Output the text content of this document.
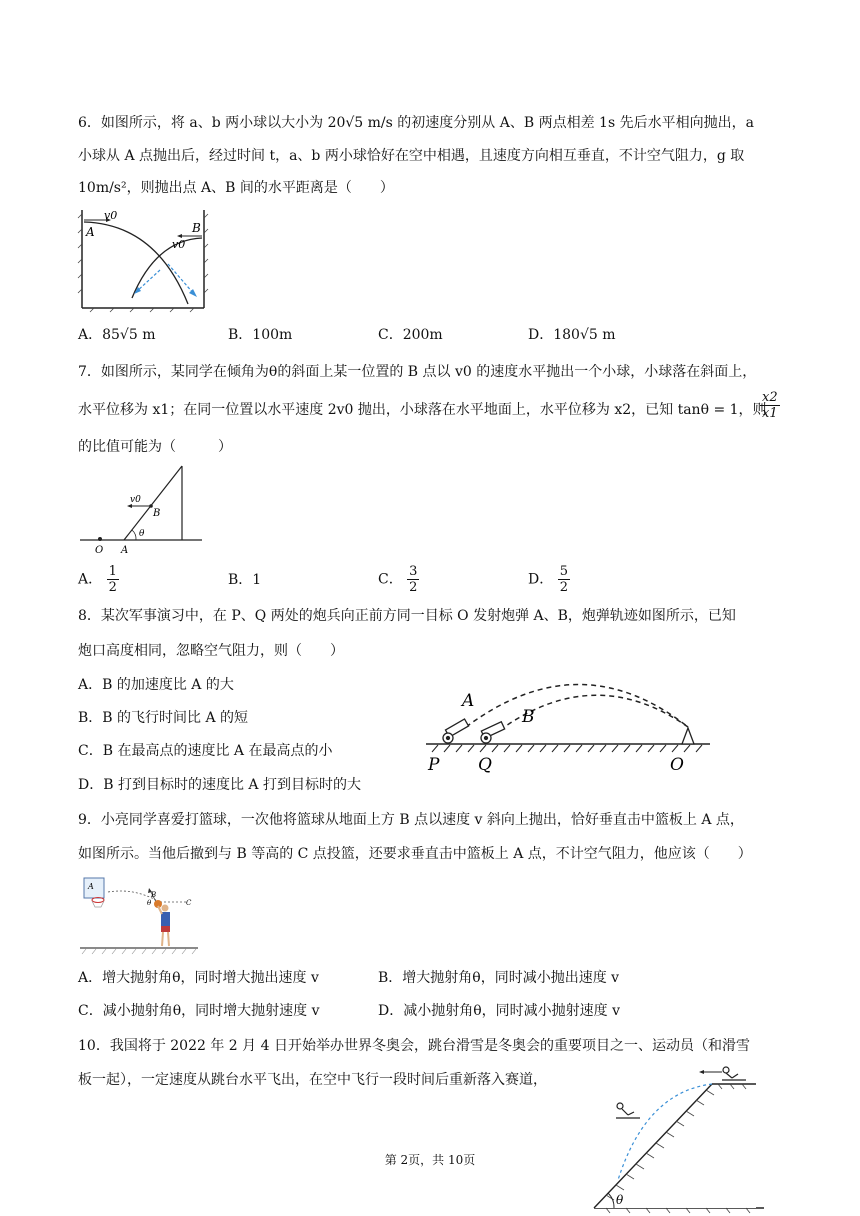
6．如图所示，将 a、b 两小球以大小为 20√5 m/s 的初速度分别从 A、B 两点相差 1s 先后水平相向抛出，a
小球从 A 点抛出后，经过时间 t，a、b 两小球恰好在空中相遇，且速度方向相互垂直，不计空气阻力，g 取
10m/s²，则抛出点 A、B 间的水平距离是（　　）
A	B
v0
v0
A．85√5 m	B．100m	C．200m	D．180√5 m
7．如图所示，某同学在倾角为θ的斜面上某一位置的 B 点以 v0 的速度水平抛出一个小球，小球落在斜面上，
水平位移为 x1；在同一位置以水平速度 2v0 抛出，小球落在水平地面上，水平位移为 x2，已知 tanθ = 1，则
$\frac{x2}{x1}$
的比值可能为（　　　）
v0
B
θ
O A
A． $\frac{1}{2}$	B．1	C． $\frac{3}{2}$	D． $\frac{5}{2}$
8．某次军事演习中，在 P、Q 两处的炮兵向正前方同一目标 O 发射炮弹 A、B，炮弹轨迹如图所示，已知
炮口高度相同，忽略空气阻力，则（　　）
A．B 的加速度比 A 的大
B．B 的飞行时间比 A 的短
C．B 在最高点的速度比 A 在最高点的小
D．B 打到目标时的速度比 A 打到目标时的大
A
B
P Q	O
9．小亮同学喜爱打篮球，一次他将篮球从地面上方 B 点以速度 v 斜向上抛出，恰好垂直击中篮板上 A 点，
如图所示。当他后撤到与 B 等高的 C 点投篮，还要求垂直击中篮板上 A 点，不计空气阻力，他应该（　　）
A
B
θ	C
A．增大抛射角θ，同时增大抛出速度 v	B．增大抛射角θ，同时减小抛出速度 v
C．减小抛射角θ，同时增大抛射速度 v	D．减小抛射角θ，同时减小抛射速度 v
10．我国将于 2022 年 2 月 4 日开始举办世界冬奥会，跳台滑雪是冬奥会的重要项目之一、运动员（和滑雪
板一起），一定速度从跳台水平飞出，在空中飞行一段时间后重新落入赛道，
θ
第 2页，共 10页
